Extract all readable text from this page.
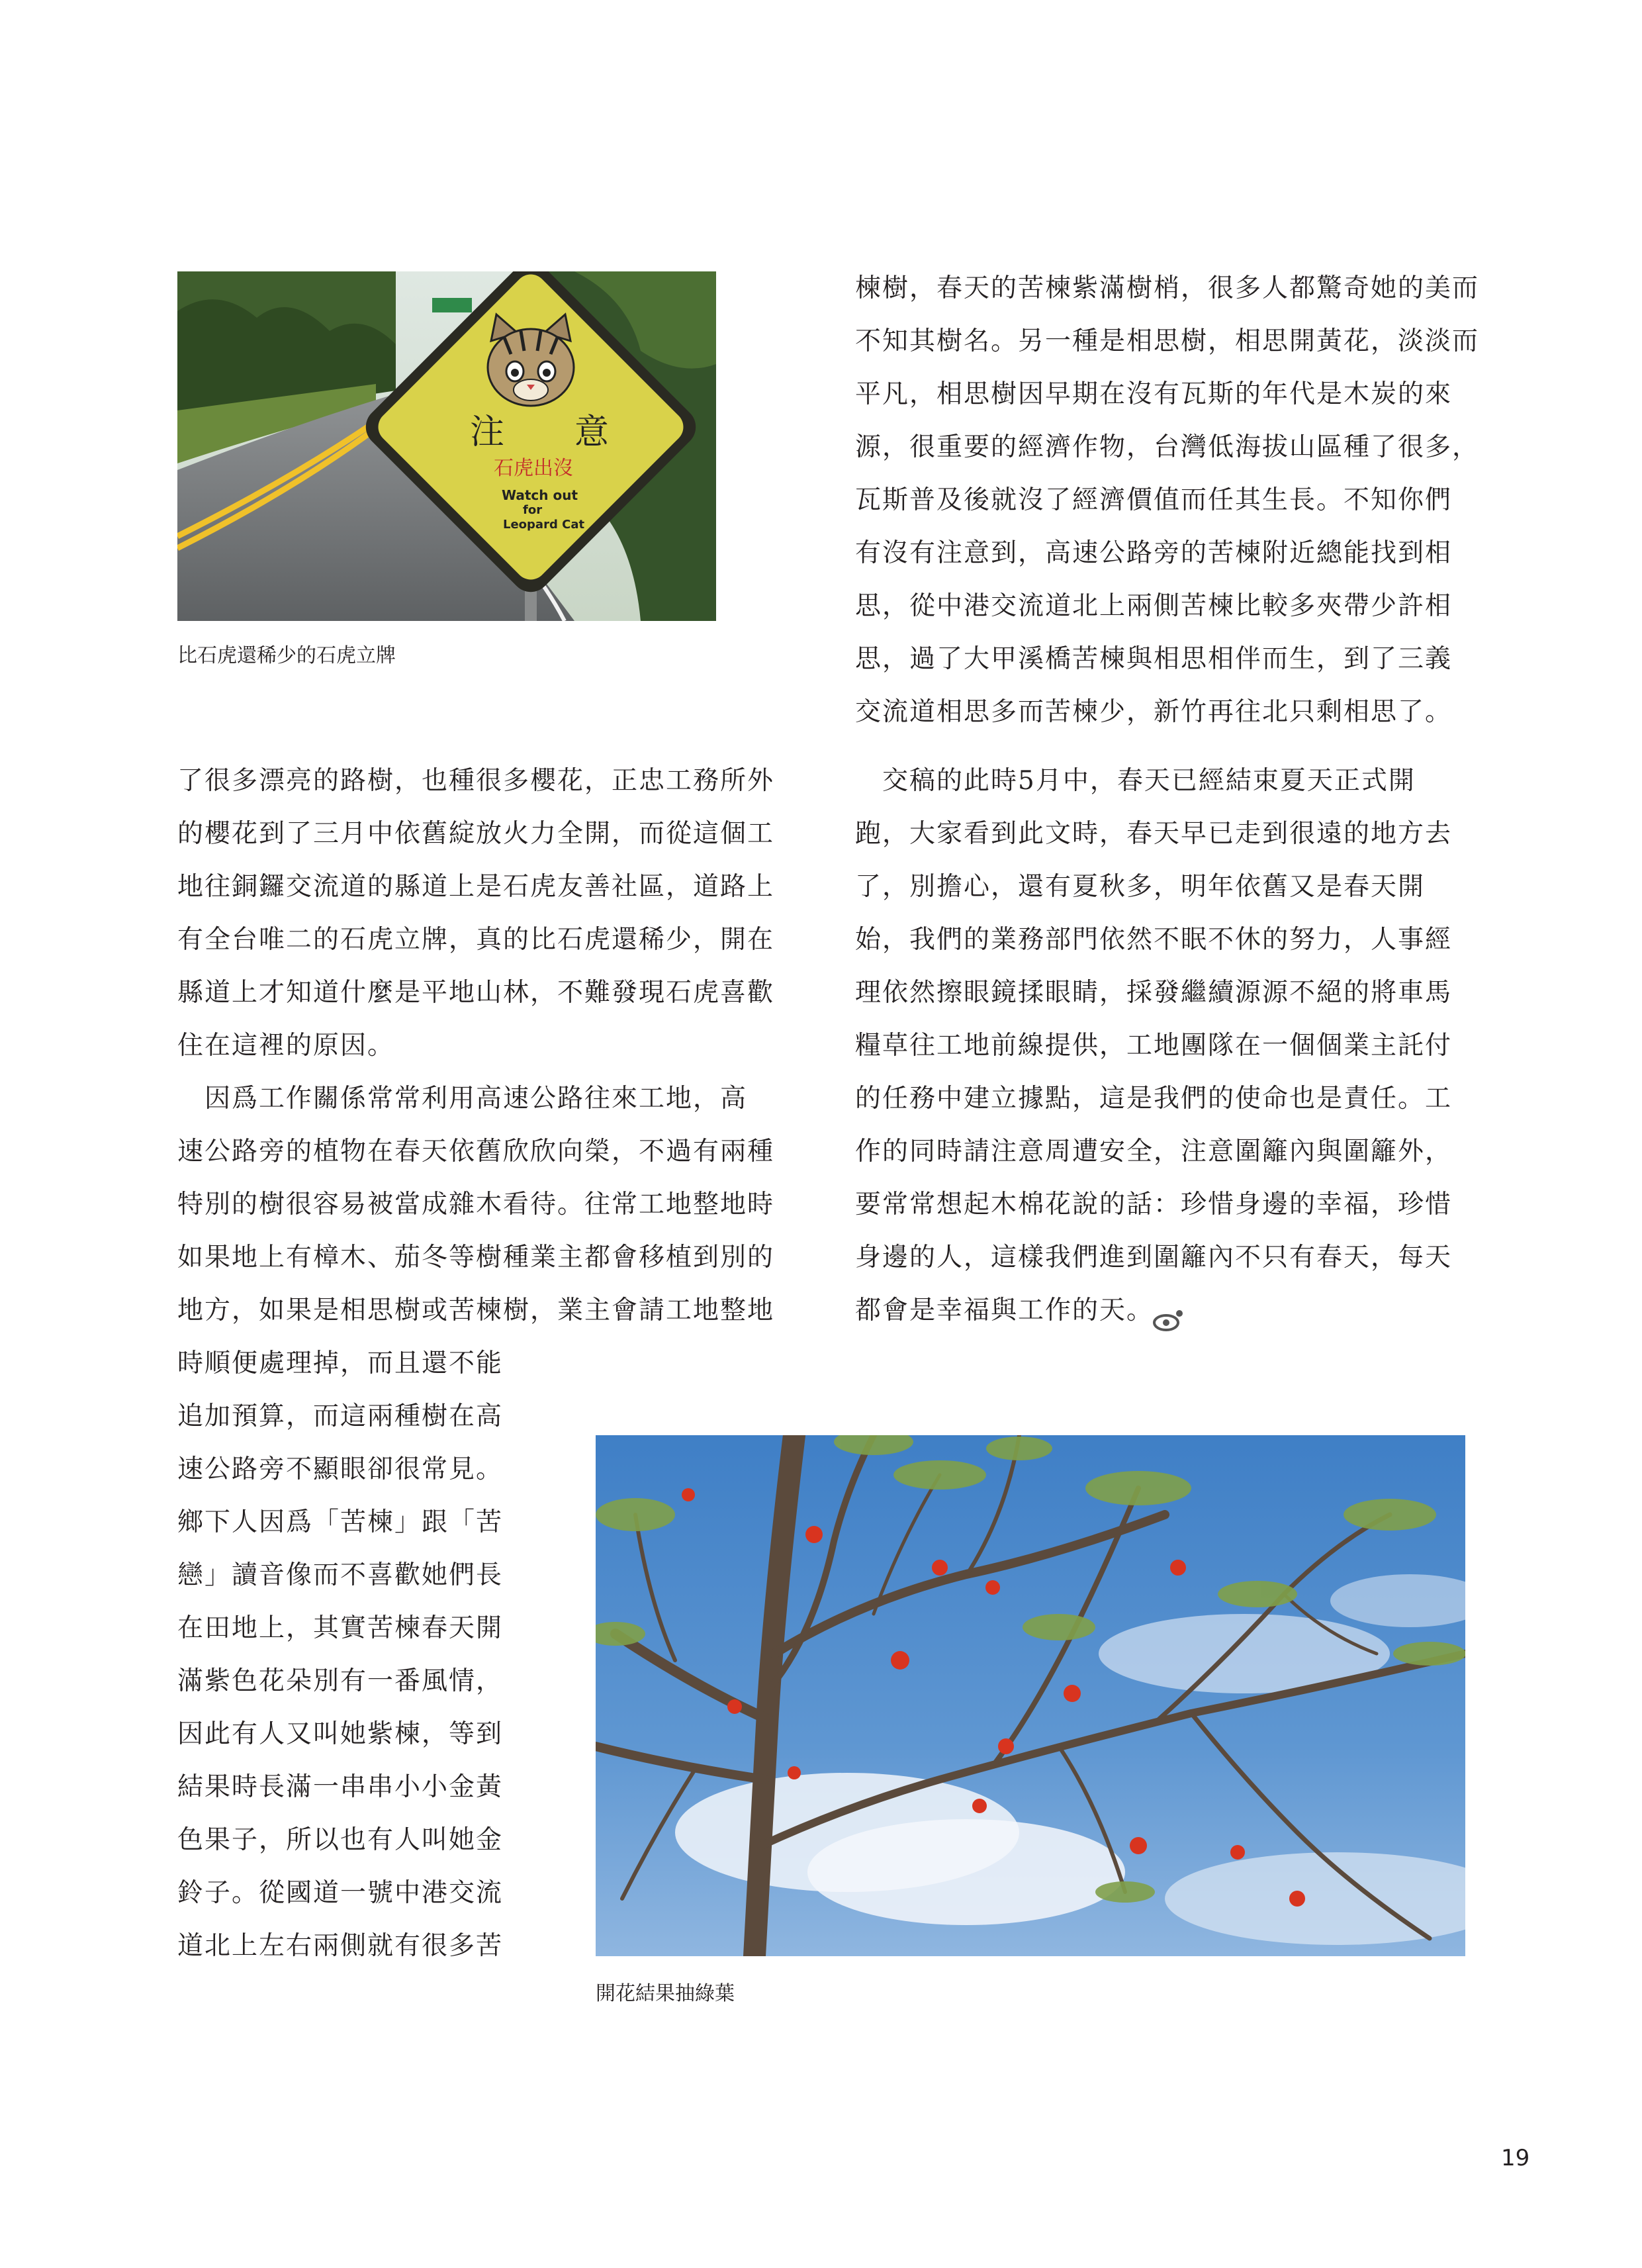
注 意
石虎出沒
Watch out
for
Leopard Cat
比石虎還稀少的石虎立牌
了很多漂亮的路樹，也種很多櫻花，正忠工務所外
的櫻花到了三月中依舊綻放火力全開，而從這個工
地往銅鑼交流道的縣道上是石虎友善社區，道路上
有全台唯二的石虎立牌，真的比石虎還稀少，開在
縣道上才知道什麼是平地山林，不難發現石虎喜歡
住在這裡的原因。
　因爲工作關係常常利用高速公路往來工地，高
速公路旁的植物在春天依舊欣欣向榮，不過有兩種
特別的樹很容易被當成雜木看待。往常工地整地時
如果地上有樟木、茄冬等樹種業主都會移植到別的
地方，如果是相思樹或苦楝樹，業主會請工地整地
時順便處理掉，而且還不能
追加預算，而這兩種樹在高
速公路旁不顯眼卻很常見。
鄉下人因爲「苦楝」跟「苦
戀」讀音像而不喜歡她們長
在田地上，其實苦楝春天開
滿紫色花朵別有一番風情，
因此有人又叫她紫楝，等到
結果時長滿一串串小小金黃
色果子，所以也有人叫她金
鈴子。從國道一號中港交流
道北上左右兩側就有很多苦
楝樹，春天的苦楝紫滿樹梢，很多人都驚奇她的美而
不知其樹名。另一種是相思樹，相思開黃花，淡淡而
平凡，相思樹因早期在沒有瓦斯的年代是木炭的來
源，很重要的經濟作物，台灣低海拔山區種了很多，
瓦斯普及後就沒了經濟價值而任其生長。不知你們
有沒有注意到，高速公路旁的苦楝附近總能找到相
思，從中港交流道北上兩側苦楝比較多夾帶少許相
思，過了大甲溪橋苦楝與相思相伴而生，到了三義
交流道相思多而苦楝少，新竹再往北只剩相思了。
　交稿的此時5月中，春天已經結束夏天正式開
跑，大家看到此文時，春天早已走到很遠的地方去
了，別擔心，還有夏秋多，明年依舊又是春天開
始，我們的業務部門依然不眠不休的努力，人事經
理依然擦眼鏡揉眼睛，採發繼續源源不絕的將車馬
糧草往工地前線提供，工地團隊在一個個業主託付
的任務中建立據點，這是我們的使命也是責任。工
作的同時請注意周遭安全，注意圍籬內與圍籬外，
要常常想起木棉花說的話：珍惜身邊的幸福，珍惜
身邊的人，這樣我們進到圍籬內不只有春天，每天
都會是幸福與工作的天。
開花結果抽綠葉
19
